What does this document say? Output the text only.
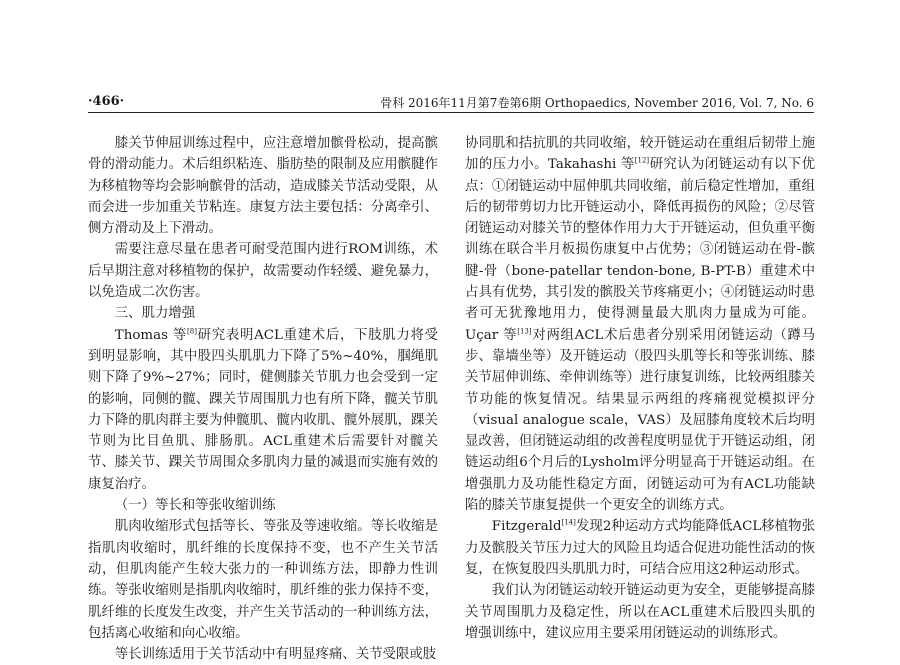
·466·	骨科 2016年11月第7卷第6期 Orthopaedics, November 2016, Vol. 7, No. 6

膝关节伸屈训练过程中，应注意增加髌骨松动，提高髌骨的滑动能力。术后组织粘连、脂肪垫的限制及应用髌腱作为移植物等均会影响髌骨的活动，造成膝关节活动受限，从而会进一步加重关节粘连。康复方法主要包括：分离牵引、侧方滑动及上下滑动。

需要注意尽量在患者可耐受范围内进行ROM训练，术后早期注意对移植物的保护，故需要动作轻缓、避免暴力，以免造成二次伤害。

三、肌力增强

Thomas 等[8]研究表明ACL重建术后，下肢肌力将受到明显影响，其中股四头肌肌力下降了5%~40%，腘绳肌则下降了9%~27%；同时，健侧膝关节肌力也会受到一定的影响，同侧的髋、踝关节周围肌力也有所下降，髋关节肌力下降的肌肉群主要为伸髋肌、髋内收肌、髋外展肌，踝关节则为比目鱼肌、腓肠肌。ACL重建术后需要针对髋关节、膝关节、踝关节周围众多肌肉力量的减退而实施有效的康复治疗。

（一）等长和等张收缩训练

肌肉收缩形式包括等长、等张及等速收缩。等长收缩是指肌肉收缩时，肌纤维的长度保持不变，也不产生关节活动，但肌肉能产生较大张力的一种训练方法，即静力性训练。等张收缩则是指肌肉收缩时，肌纤维的张力保持不变，肌纤维的长度发生改变，并产生关节活动的一种训练方法，包括离心收缩和向心收缩。

等长训练适用于关节活动中有明显疼痛、关节受限或肢

协同肌和拮抗肌的共同收缩，较开链运动在重组后韧带上施加的压力小。Takahashi 等[12]研究认为闭链运动有以下优点：①闭链运动中屈伸肌共同收缩，前后稳定性增加，重组后的韧带剪切力比开链运动小，降低再损伤的风险；②尽管闭链运动对膝关节的整体作用力大于开链运动，但负重平衡训练在联合半月板损伤康复中占优势；③闭链运动在骨-髌腱-骨（bone-patellar tendon-bone, B-PT-B）重建术中占具有优势，其引发的髌股关节疼痛更小；④闭链运动时患者可无犹豫地用力，使得测量最大肌肉力量成为可能。Uçar 等[13]对两组ACL术后患者分别采用闭链运动（蹲马步、靠墙坐等）及开链运动（股四头肌等长和等张训练、膝关节屈伸训练、牵伸训练等）进行康复训练，比较两组膝关节功能的恢复情况。结果显示两组的疼痛视觉模拟评分（visual analogue scale，VAS）及屈膝角度较术后均明显改善，但闭链运动组的改善程度明显优于开链运动组，闭链运动组6个月后的Lysholm评分明显高于开链运动组。在增强肌力及功能性稳定方面，闭链运动可为有ACL功能缺陷的膝关节康复提供一个更安全的训练方式。

Fitzgerald[14]发现2种运动方式均能降低ACL移植物张力及髌股关节压力过大的风险且均适合促进功能性活动的恢复，在恢复股四头肌肌力时，可结合应用这2种运动形式。

我们认为闭链运动较开链运动更为安全，更能够提高膝关节周围肌力及稳定性，所以在ACL重建术后股四头肌的增强训练中，建议应用主要采用闭链运动的训练形式。
